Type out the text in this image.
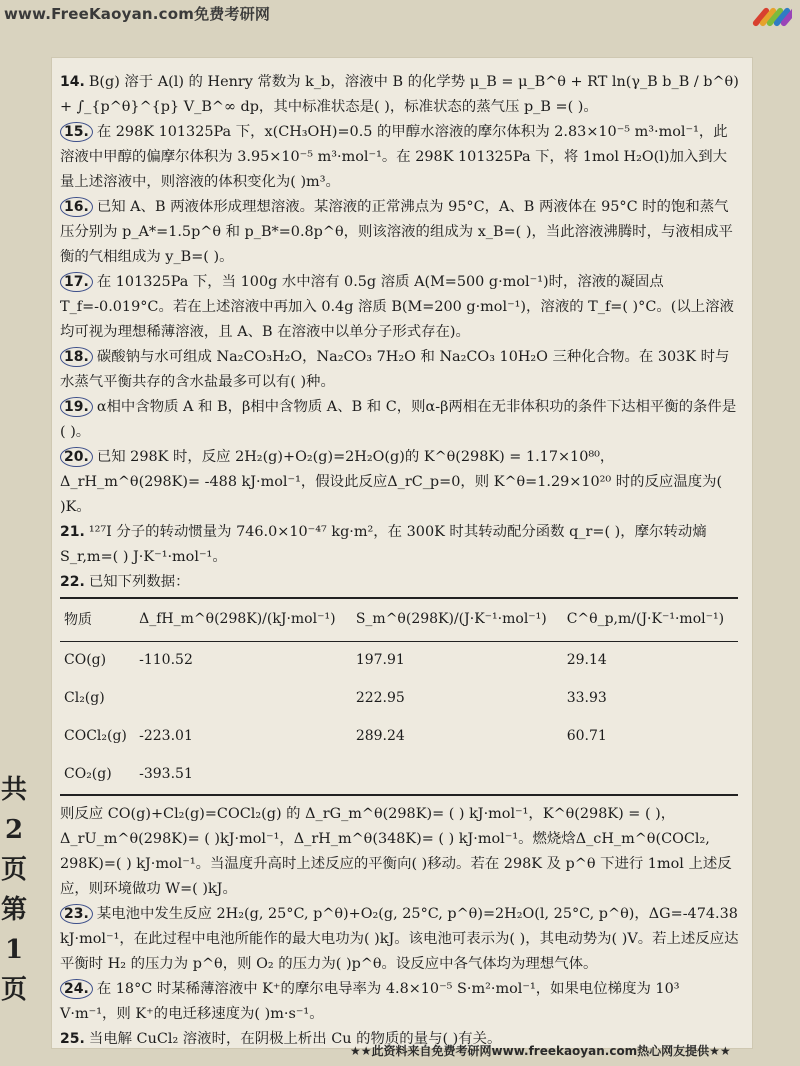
www.FreeKaoyan.com免费考研网
共2页第1页

14. B(g) 溶于 A(l) 的 Henry 常数为 k_b，溶液中 B 的化学势 μ_B = μ_B^θ + RT ln(γ_B b_B / b^θ) + ∫_{p^θ}^{p} V_B^∞ dp，其中标准状态是( )，标准状态的蒸气压 p_B =( )。

15. 在 298K 101325Pa 下，x(CH₃OH)=0.5 的甲醇水溶液的摩尔体积为 2.83×10⁻⁵ m³·mol⁻¹，此溶液中甲醇的偏摩尔体积为 3.95×10⁻⁵ m³·mol⁻¹。在 298K 101325Pa 下，将 1mol H₂O(l)加入到大量上述溶液中，则溶液的体积变化为( )m³。

16. 已知 A、B 两液体形成理想溶液。某溶液的正常沸点为 95°C，A、B 两液体在 95°C 时的饱和蒸气压分别为 p_A*=1.5p^θ 和 p_B*=0.8p^θ，则该溶液的组成为 x_B=( )，当此溶液沸腾时，与液相成平衡的气相组成为 y_B=( )。

17. 在 101325Pa 下，当 100g 水中溶有 0.5g 溶质 A(M=500 g·mol⁻¹)时，溶液的凝固点 T_f=-0.019°C。若在上述溶液中再加入 0.4g 溶质 B(M=200 g·mol⁻¹)，溶液的 T_f=( )°C。(以上溶液均可视为理想稀薄溶液，且 A、B 在溶液中以单分子形式存在)。

18. 碳酸钠与水可组成 Na₂CO₃H₂O，Na₂CO₃ 7H₂O 和 Na₂CO₃ 10H₂O 三种化合物。在 303K 时与水蒸气平衡共存的含水盐最多可以有( )种。

19. α相中含物质 A 和 B，β相中含物质 A、B 和 C，则α-β两相在无非体积功的条件下达相平衡的条件是( )。

20. 已知 298K 时，反应 2H₂(g)+O₂(g)=2H₂O(g)的 K^θ(298K) = 1.17×10⁸⁰，Δ_rH_m^θ(298K)= -488 kJ·mol⁻¹，假设此反应Δ_rC_p=0，则 K^θ=1.29×10²⁰ 时的反应温度为( )K。

21. ¹²⁷I 分子的转动惯量为 746.0×10⁻⁴⁷ kg·m²，在 300K 时其转动配分函数 q_r=( )，摩尔转动熵 S_r,m=( ) J·K⁻¹·mol⁻¹。

22. 已知下列数据：

物质	Δ_fH_m^θ(298K)/(kJ·mol⁻¹)	S_m^θ(298K)/(J·K⁻¹·mol⁻¹)	C^θ_p,m/(J·K⁻¹·mol⁻¹)
CO(g)	-110.52	197.91	29.14
Cl₂(g)		222.95	33.93
COCl₂(g)	-223.01	289.24	60.71
CO₂(g)	-393.51		

则反应 CO(g)+Cl₂(g)=COCl₂(g) 的 Δ_rG_m^θ(298K)= ( ) kJ·mol⁻¹，K^θ(298K) = ( )，Δ_rU_m^θ(298K)= ( )kJ·mol⁻¹，Δ_rH_m^θ(348K)= ( ) kJ·mol⁻¹。燃烧焓Δ_cH_m^θ(COCl₂, 298K)=( ) kJ·mol⁻¹。当温度升高时上述反应的平衡向( )移动。若在 298K 及 p^θ 下进行 1mol 上述反应，则环境做功 W=( )kJ。

23. 某电池中发生反应 2H₂(g, 25°C, p^θ)+O₂(g, 25°C, p^θ)=2H₂O(l, 25°C, p^θ)，ΔG=-474.38 kJ·mol⁻¹，在此过程中电池所能作的最大电功为( )kJ。该电池可表示为( )，其电动势为( )V。若上述反应达平衡时 H₂ 的压力为 p^θ，则 O₂ 的压力为( )p^θ。设反应中各气体均为理想气体。

24. 在 18°C 时某稀薄溶液中 K⁺的摩尔电导率为 4.8×10⁻⁵ S·m²·mol⁻¹，如果电位梯度为 10³ V·m⁻¹，则 K⁺的电迁移速度为( )m·s⁻¹。

25. 当电解 CuCl₂ 溶液时，在阴极上析出 Cu 的物质的量与( )有关。

★★此资料来自免费考研网www.freekaoyan.com热心网友提供★★
